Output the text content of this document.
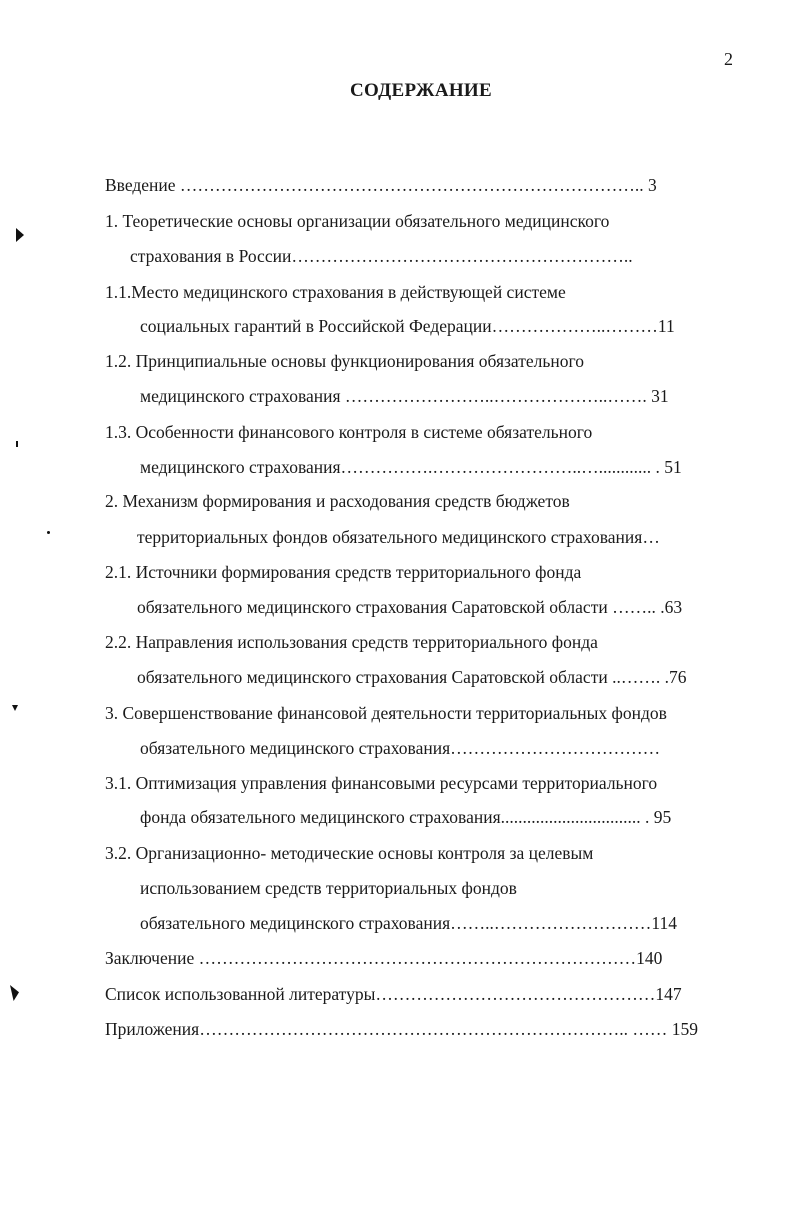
2
СОДЕРЖАНИЕ
Введение …………………………………………………………………….. 3
1. Теоретические основы организации обязательного медицинского
страхования в России…………………………………………………..
1.1.Место медицинского страхования в действующей системе
социальных гарантий в Российской Федерации………………..………11
1.2. Принципиальные основы функционирования обязательного
медицинского страхования ……………………..………………..……. 31
1.3. Особенности финансового контроля в системе обязательного
медицинского страхования…………….……………………..…............ . 51
2. Механизм формирования и расходования средств бюджетов
территориальных фондов обязательного медицинского страхования…
2.1. Источники формирования средств территориального фонда
обязательного медицинского страхования Саратовской области …….. .63
2.2. Направления использования средств территориального фонда
обязательного медицинского страхования Саратовской области ..……. .76
3. Совершенствование финансовой деятельности территориальных фондов
обязательного медицинского страхования………………………………
3.1. Оптимизация управления финансовыми ресурсами территориального
фонда обязательного медицинского страхования................................ . 95
3.2. Организационно- методические основы контроля за целевым
использованием средств территориальных фондов
обязательного медицинского страхования……..………………………114
Заключение …………………………………………………………………140
Список использованной литературы…………………………………………147
Приложения……………………………………………………………….. …… 159
